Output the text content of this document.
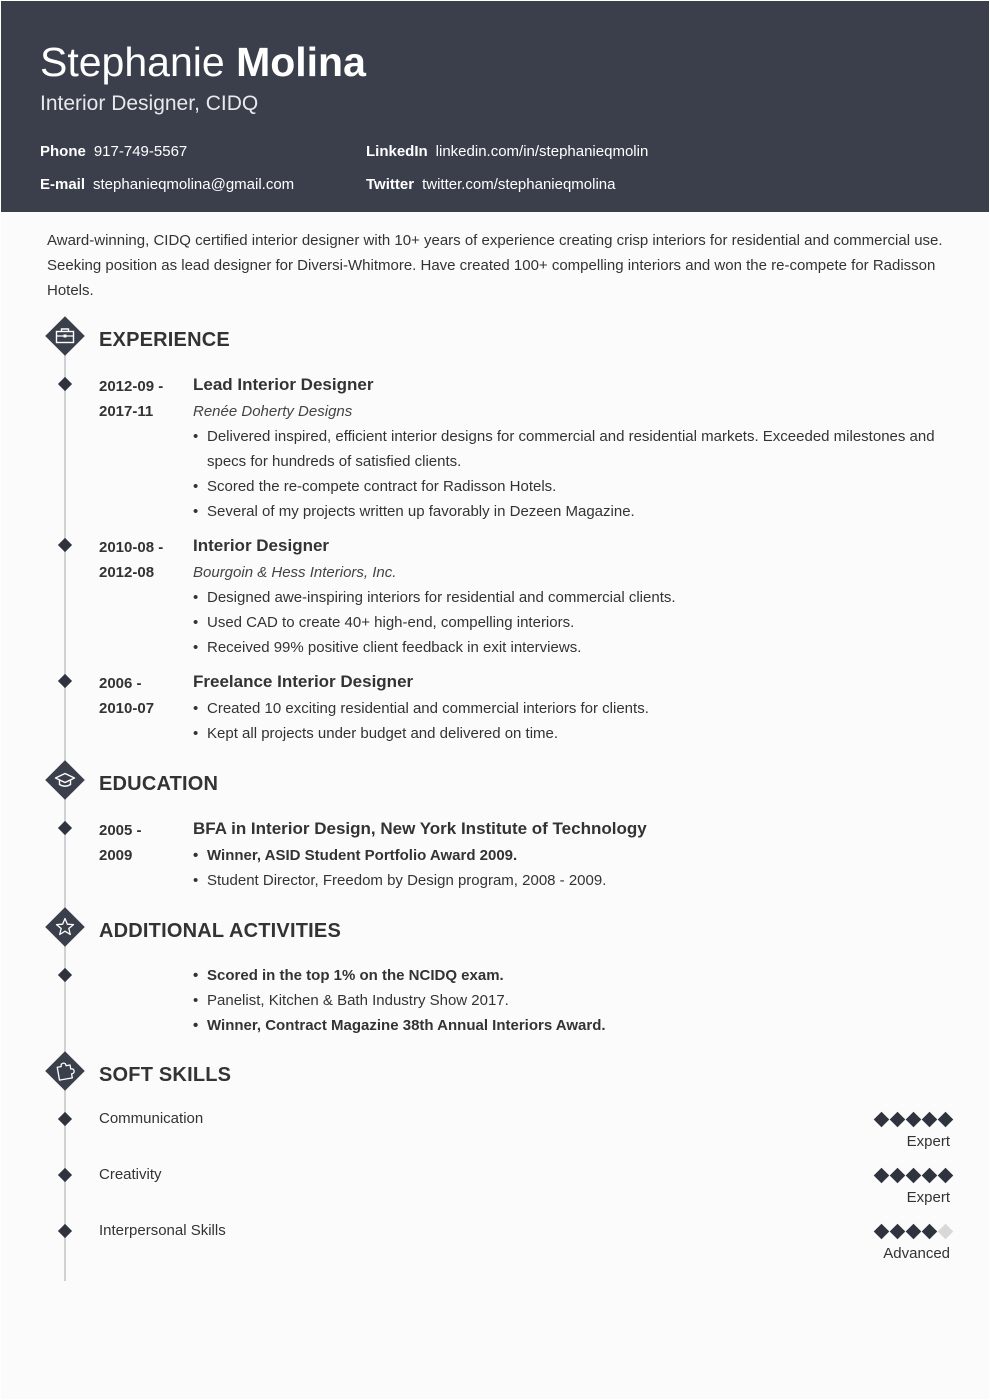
Stephanie Molina
Interior Designer, CIDQ
Phone 917-749-5567	LinkedIn linkedin.com/in/stephanieqmolin
E-mail stephanieqmolina@gmail.com	Twitter twitter.com/stephanieqmolina
Award-winning, CIDQ certified interior designer with 10+ years of experience creating crisp interiors for residential and commercial use. Seeking position as lead designer for Diversi-Whitmore. Have created 100+ compelling interiors and won the re-compete for Radisson Hotels.
EXPERIENCE
2012-09 -
2017-11
Lead Interior Designer
Renée Doherty Designs
• Delivered inspired, efficient interior designs for commercial and residential markets. Exceeded milestones and specs for hundreds of satisfied clients.
• Scored the re-compete contract for Radisson Hotels.
• Several of my projects written up favorably in Dezeen Magazine.
2010-08 -
2012-08
Interior Designer
Bourgoin & Hess Interiors, Inc.
• Designed awe-inspiring interiors for residential and commercial clients.
• Used CAD to create 40+ high-end, compelling interiors.
• Received 99% positive client feedback in exit interviews.
2006 -
2010-07
Freelance Interior Designer
• Created 10 exciting residential and commercial interiors for clients.
• Kept all projects under budget and delivered on time.
EDUCATION
2005 -
2009
BFA in Interior Design, New York Institute of Technology
• Winner, ASID Student Portfolio Award 2009.
• Student Director, Freedom by Design program, 2008 - 2009.
ADDITIONAL ACTIVITIES
• Scored in the top 1% on the NCIDQ exam.
• Panelist, Kitchen & Bath Industry Show 2017.
• Winner, Contract Magazine 38th Annual Interiors Award.
SOFT SKILLS
Communication
Expert
Creativity
Expert
Interpersonal Skills
Advanced
